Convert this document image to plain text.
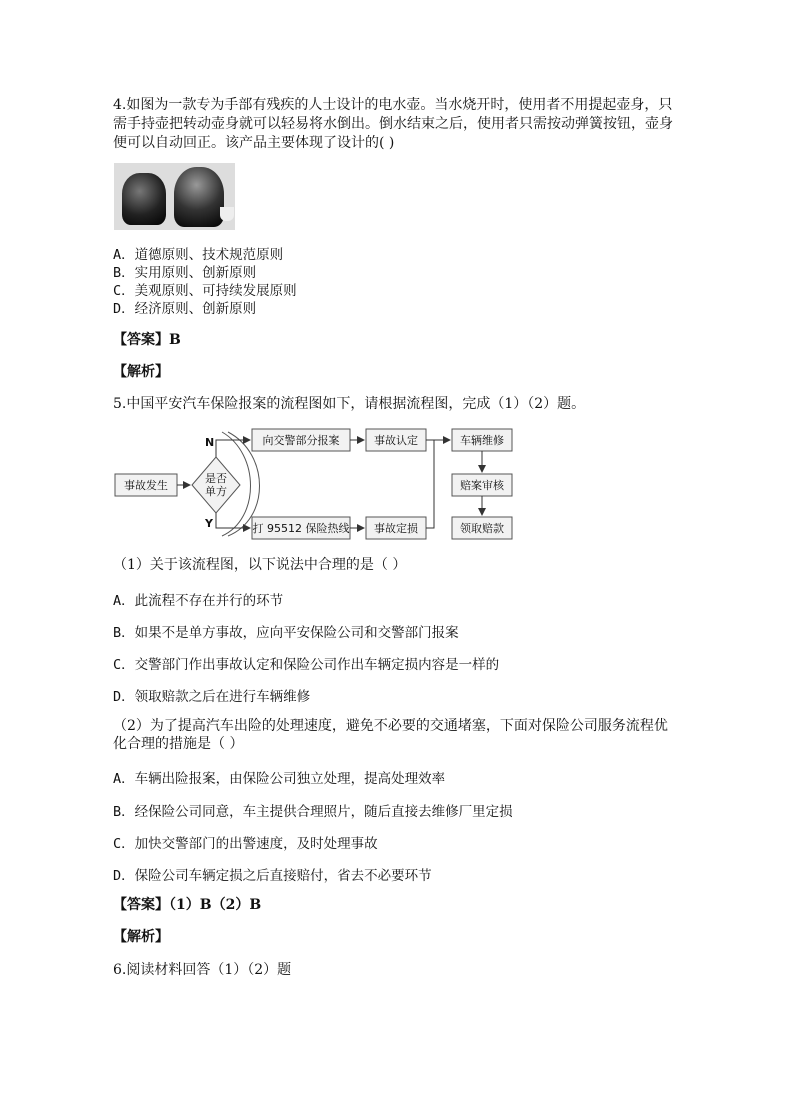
4.如图为一款专为手部有残疾的人士设计的电水壶。当水烧开时，使用者不用提起壶身，只
需手持壶把转动壶身就可以轻易将水倒出。倒水结束之后，使用者只需按动弹簧按钮，壶身
便可以自动回正。该产品主要体现了设计的( )
A．道德原则、技术规范原则
B．实用原则、创新原则
C．美观原则、可持续发展原则
D．经济原则、创新原则
【答案】B
【解析】
5.中国平安汽车保险报案的流程图如下，请根据流程图，完成（1）（2）题。
事故发生
是否
单方
N
Y
向交警部分报案	事故认定
打 95512 保险热线 事故定损
车辆维修
赔案审核
领取赔款
（1）关于该流程图，以下说法中合理的是（ ）
A．此流程不存在并行的环节
B．如果不是单方事故，应向平安保险公司和交警部门报案
C．交警部门作出事故认定和保险公司作出车辆定损内容是一样的
D．领取赔款之后在进行车辆维修
（2）为了提高汽车出险的处理速度，避免不必要的交通堵塞，下面对保险公司服务流程优
化合理的措施是（ ）
A．车辆出险报案，由保险公司独立处理，提高处理效率
B．经保险公司同意，车主提供合理照片，随后直接去维修厂里定损
C．加快交警部门的出警速度，及时处理事故
D．保险公司车辆定损之后直接赔付，省去不必要环节
【答案】（1）B（2）B
【解析】
6.阅读材料回答（1）（2）题
